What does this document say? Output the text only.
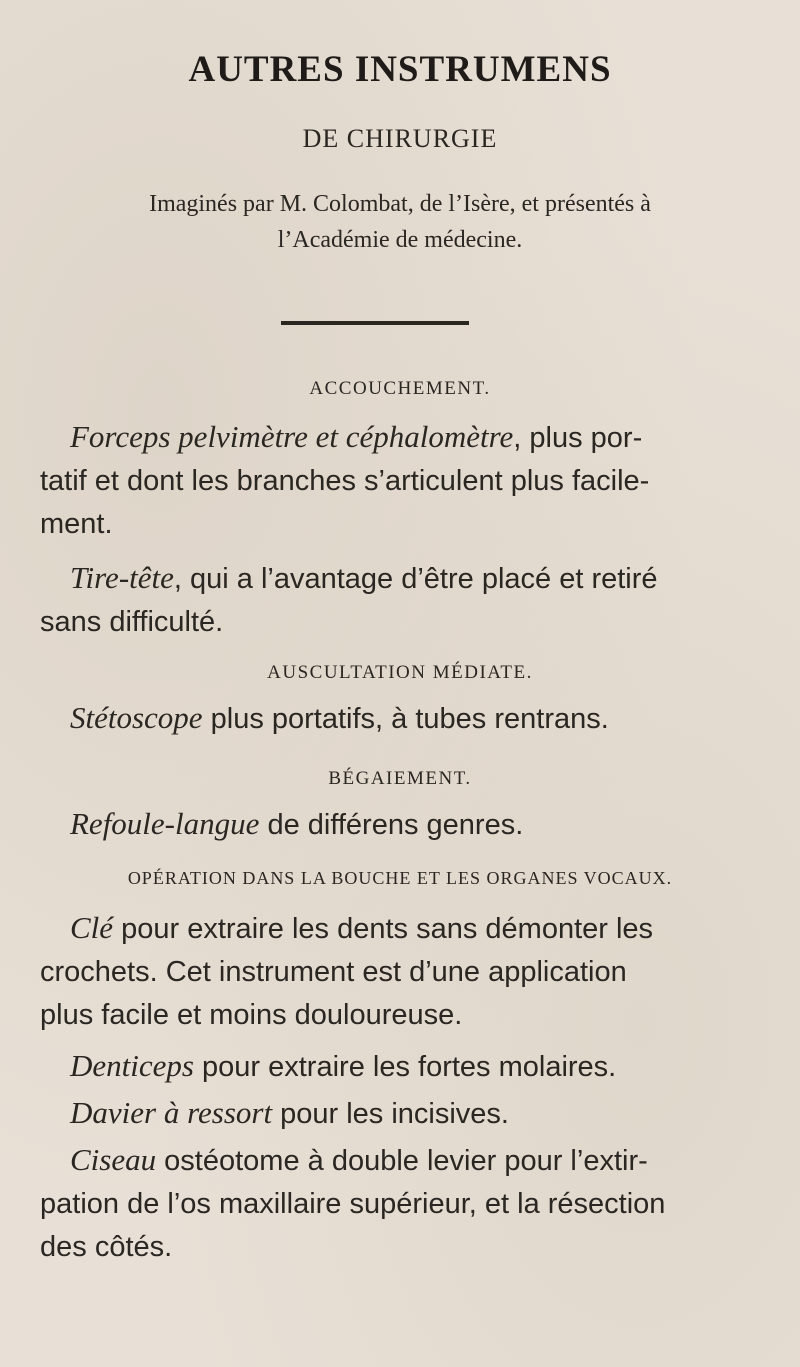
AUTRES INSTRUMENS
DE CHIRURGIE
Imaginés par M. Colombat, de l’Isère, et présentés à
l’Académie de médecine.
ACCOUCHEMENT.
Forceps pelvimètre et céphalomètre, plus por-
tatif et dont les branches s’articulent plus facile-
ment.
Tire-tête, qui a l’avantage d’être placé et retiré
sans difficulté.
AUSCULTATION MÉDIATE.
Stétoscope plus portatifs, à tubes rentrans.
BÉGAIEMENT.
Refoule-langue de différens genres.
OPÉRATION DANS LA BOUCHE ET LES ORGANES VOCAUX.
Clé pour extraire les dents sans démonter les
crochets. Cet instrument est d’une application
plus facile et moins douloureuse.
Denticeps pour extraire les fortes molaires.
Davier à ressort pour les incisives.
Ciseau ostéotome à double levier pour l’extir-
pation de l’os maxillaire supérieur, et la résection
des côtés.
